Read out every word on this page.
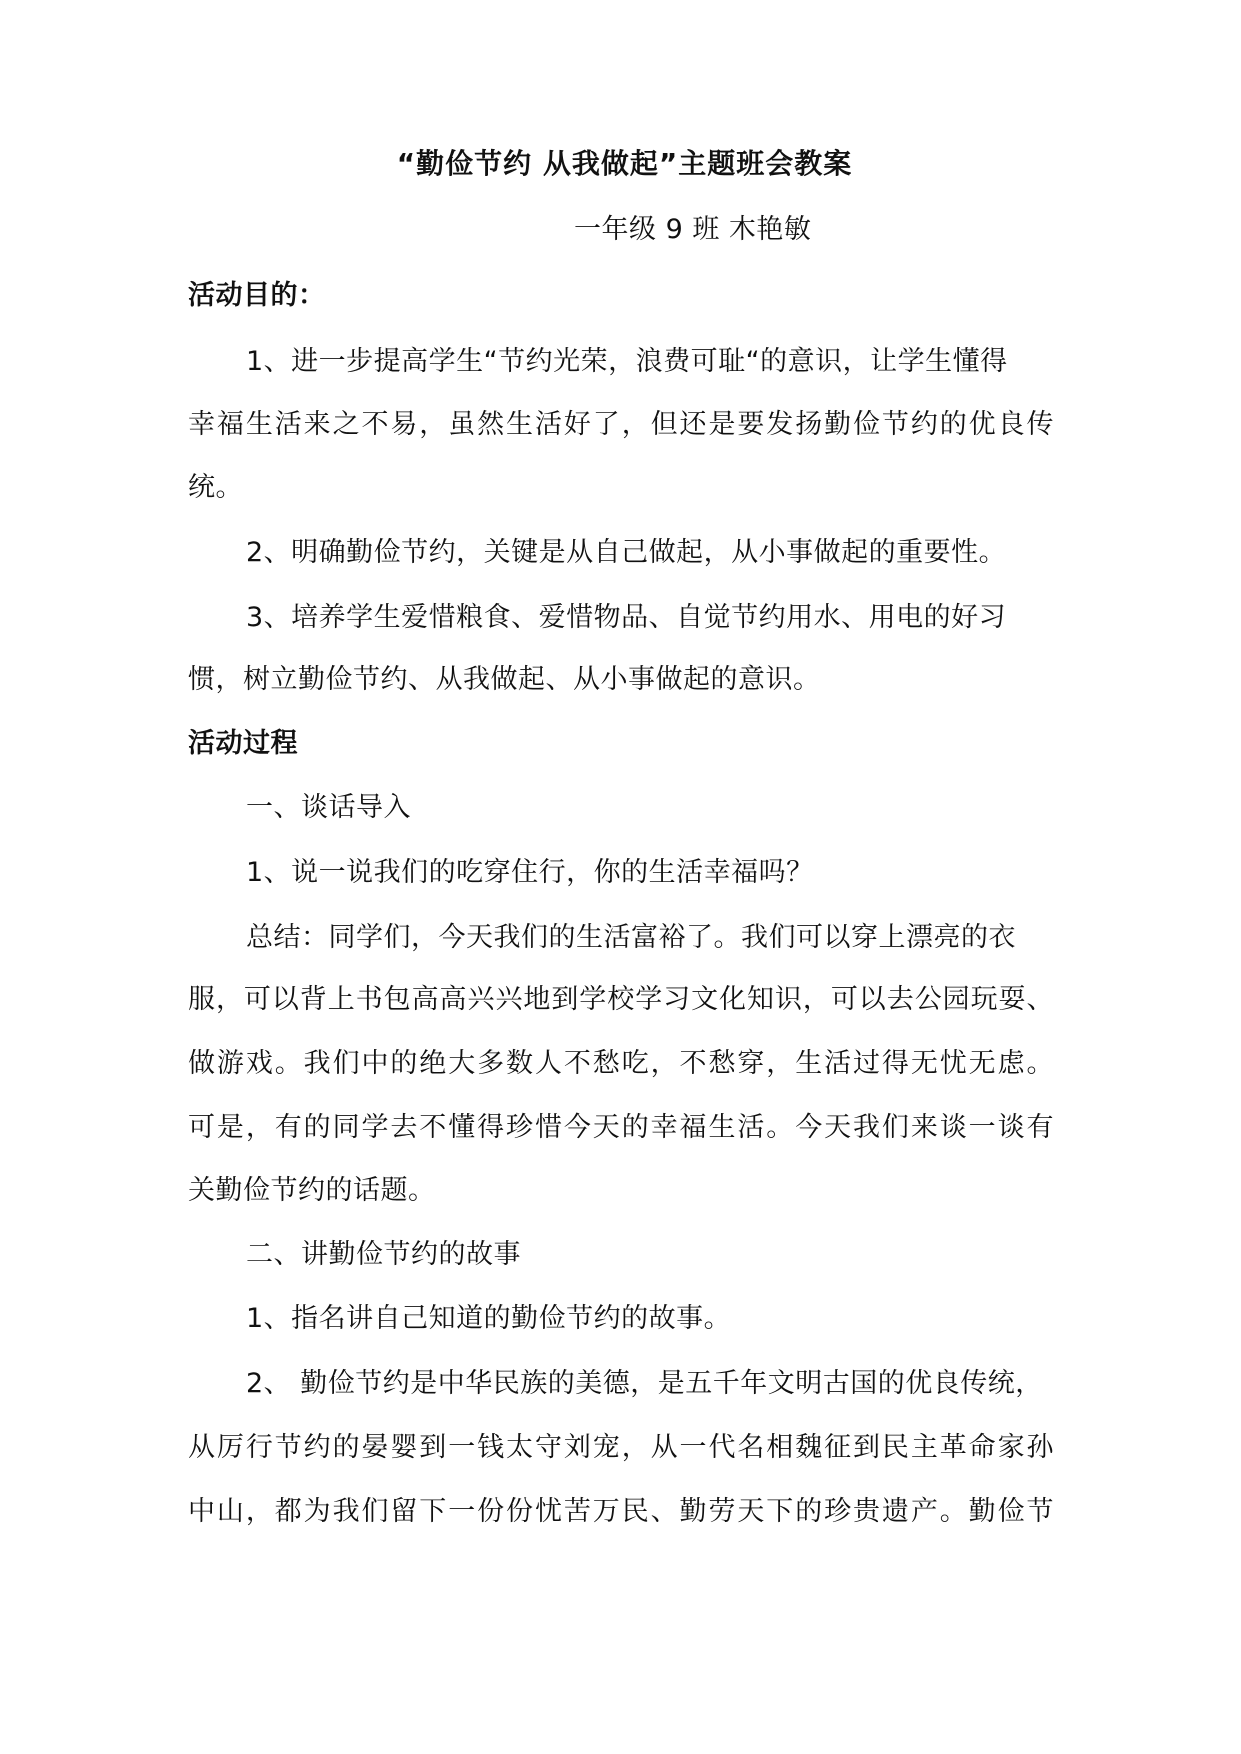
“勤俭节约 从我做起”主题班会教案
一年级 9 班 木艳敏
活动目的：
1、进一步提高学生“节约光荣，浪费可耻“的意识，让学生懂得
幸福生活来之不易，虽然生活好了，但还是要发扬勤俭节约的优良传
统。
2、明确勤俭节约，关键是从自己做起，从小事做起的重要性。
3、培养学生爱惜粮食、爱惜物品、自觉节约用水、用电的好习
惯，树立勤俭节约、从我做起、从小事做起的意识。
活动过程
一、谈话导入
1、说一说我们的吃穿住行，你的生活幸福吗？
总结：同学们，今天我们的生活富裕了。我们可以穿上漂亮的衣
服，可以背上书包高高兴兴地到学校学习文化知识，可以去公园玩耍、
做游戏。我们中的绝大多数人不愁吃，不愁穿，生活过得无忧无虑。
可是，有的同学去不懂得珍惜今天的幸福生活。今天我们来谈一谈有
关勤俭节约的话题。
二、讲勤俭节约的故事
1、指名讲自己知道的勤俭节约的故事。
2、 勤俭节约是中华民族的美德，是五千年文明古国的优良传统，
从厉行节约的晏婴到一钱太守刘宠，从一代名相魏征到民主革命家孙
中山，都为我们留下一份份忧苦万民、勤劳天下的珍贵遗产。勤俭节
